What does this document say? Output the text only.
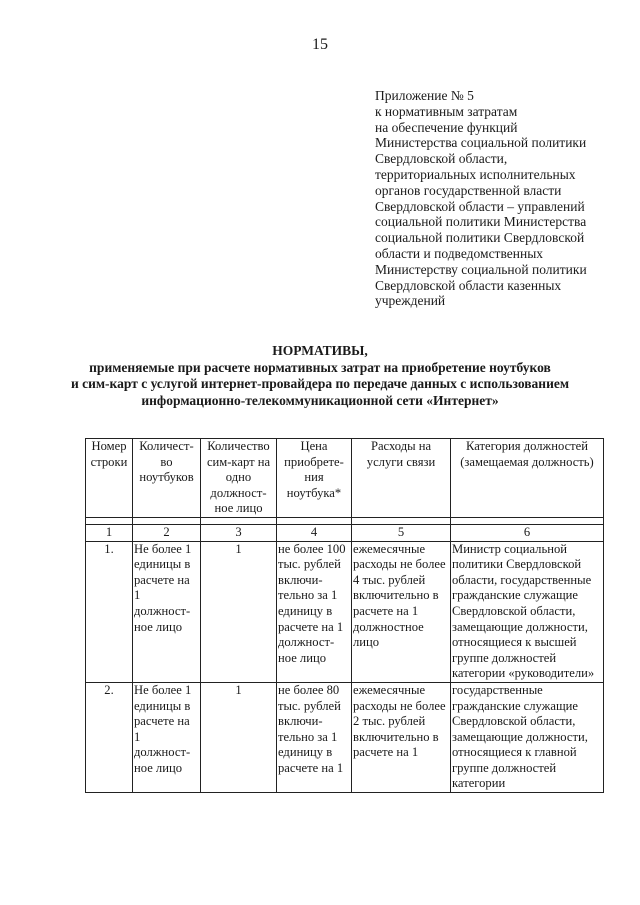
15
Приложение № 5
к нормативным затратам
на обеспечение функций
Министерства социальной политики
Свердловской области,
территориальных исполнительных
органов государственной власти
Свердловской области – управлений
социальной политики Министерства
социальной политики Свердловской
области и подведомственных
Министерству социальной политики
Свердловской области казенных
учреждений
НОРМАТИВЫ,
применяемые при расчете нормативных затрат на приобретение ноутбуков
и сим-карт с услугой интернет-провайдера по передаче данных с использованием
информационно-телекоммуникационной сети «Интернет»
Номер строки	Количест-во ноутбуков	Количество сим-карт на одно должност-ное лицо	Цена приобрете-ния ноутбука*	Расходы на услуги связи	Категория должностей (замещаемая должность)

1	2	3	4	5	6
1.	Не более 1 единицы в расчете на 1 должност-ное лицо	1	не более 100 тыс. рублей включи-тельно за 1 единицу в расчете на 1 должност-ное лицо	ежемесячные расходы не более 4 тыс. рублей включительно в расчете на 1 должностное лицо	Министр социальной политики Свердловской области, государственные гражданские служащие Свердловской области, замещающие должности, относящиеся к высшей группе должностей категории «руководители»
2.	Не более 1 единицы в расчете на 1 должност-ное лицо	1	не более 80 тыс. рублей включи-тельно за 1 единицу в расчете на 1	ежемесячные расходы не более 2 тыс. рублей включительно в расчете на 1	государственные гражданские служащие Свердловской области, замещающие должности, относящиеся к главной группе должностей категории
